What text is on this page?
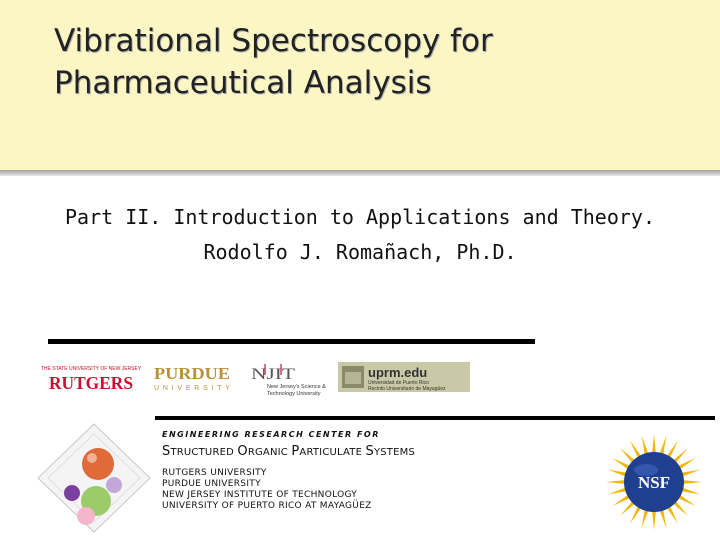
Vibrational Spectroscopy for Pharmaceutical Analysis
Part II. Introduction to Applications and Theory.
Rodolfo J. Romañach, Ph.D.
THE STATE UNIVERSITY OF NEW JERSEY
RUTGERS PURDUE
UNIVERSITY
NJIT
New Jersey's Science &
Technology University
uprm.edu
Universidad de Puerto Rico
Recinto Universitario de Mayagüez
ENGINEERING RESEARCH CENTER FOR
STRUCTURED ORGANIC PARTICULATE SYSTEMS
RUTGERS UNIVERSITY
PURDUE UNIVERSITY
NEW JERSEY INSTITUTE OF TECHNOLOGY
UNIVERSITY OF PUERTO RICO AT MAYAGÜEZ
NSF
